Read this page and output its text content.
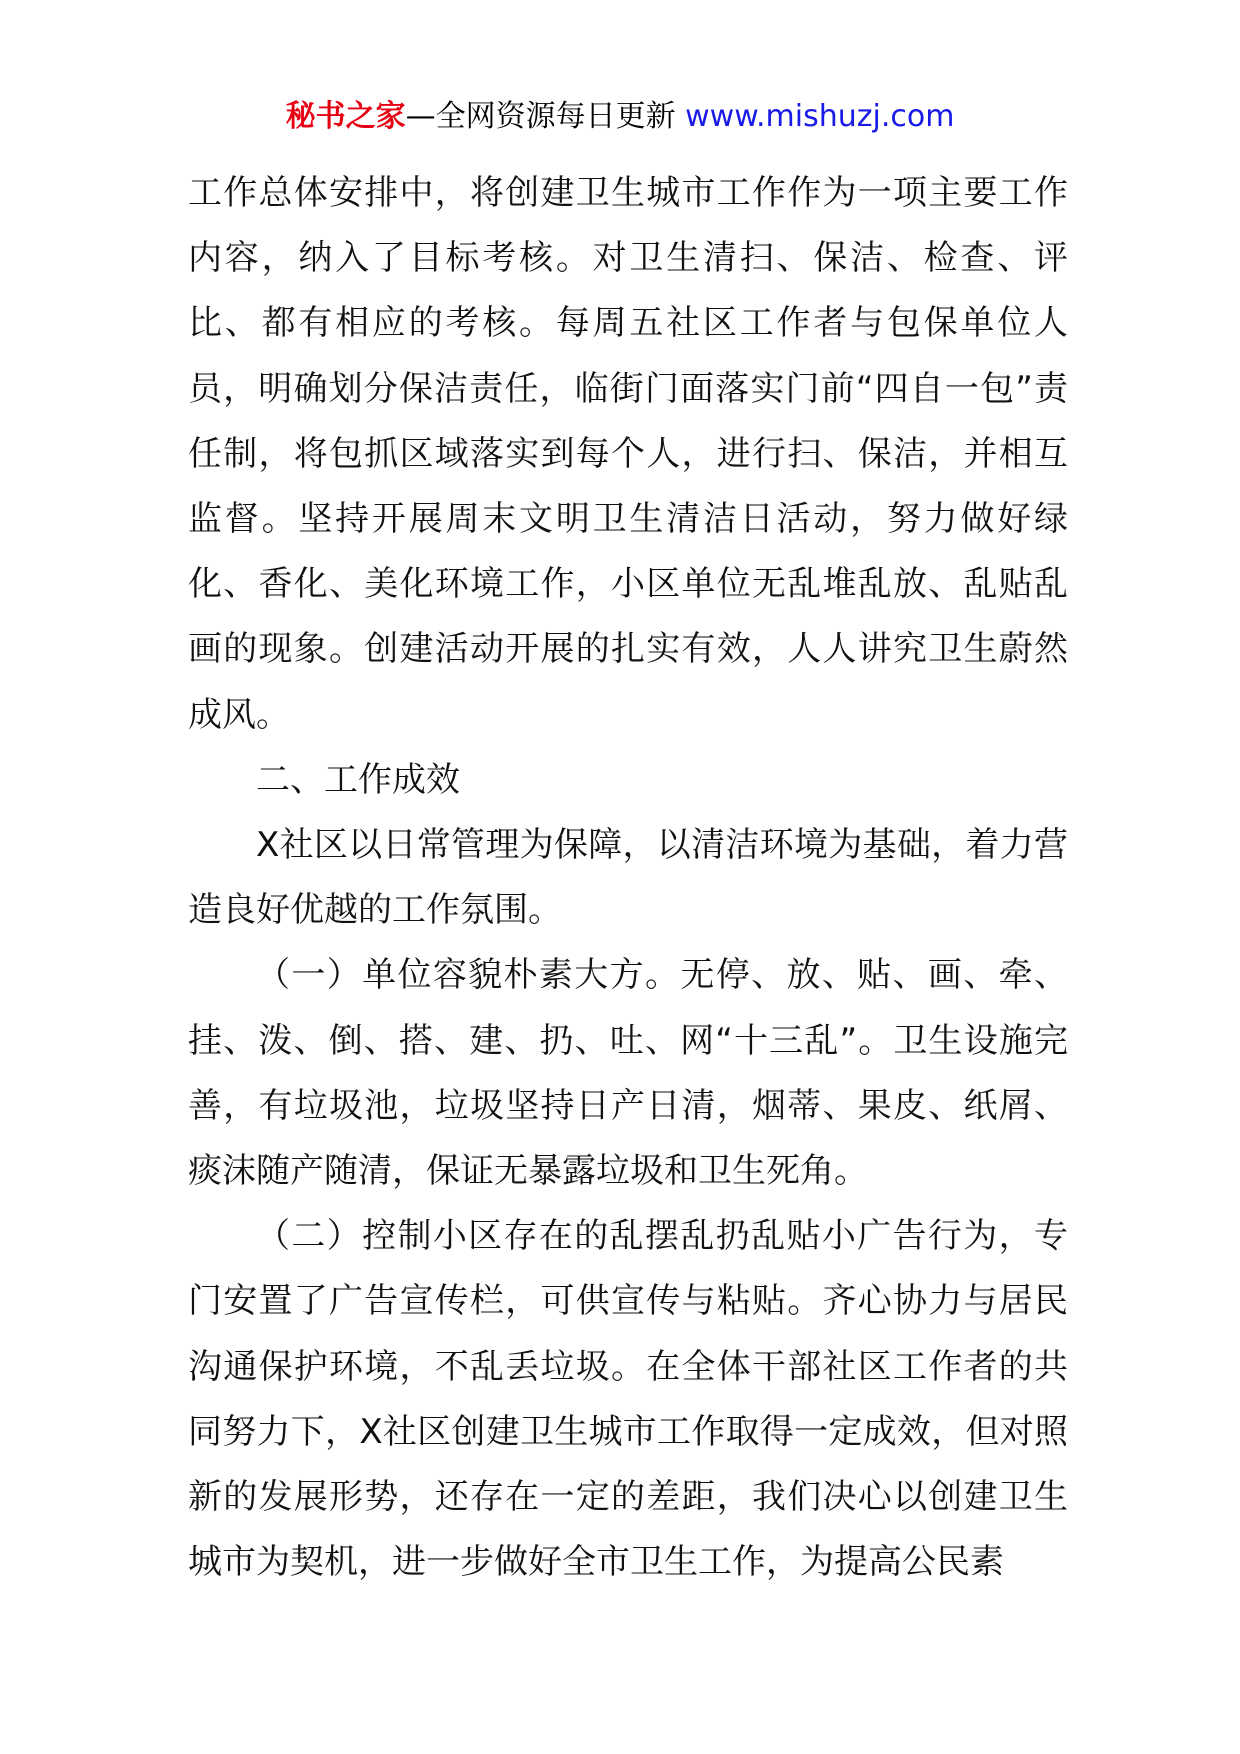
秘书之家—全网资源每日更新 www.mishuzj.com

工作总体安排中，将创建卫生城市工作作为一项主要工作内容，纳入了目标考核。对卫生清扫、保洁、检查、评比、都有相应的考核。每周五社区工作者与包保单位人员，明确划分保洁责任，临街门面落实门前“四自一包”责任制，将包抓区域落实到每个人，进行扫、保洁，并相互监督。坚持开展周末文明卫生清洁日活动，努力做好绿化、香化、美化环境工作，小区单位无乱堆乱放、乱贴乱画的现象。创建活动开展的扎实有效，人人讲究卫生蔚然成风。

二、工作成效

X社区以日常管理为保障，以清洁环境为基础，着力营造良好优越的工作氛围。

（一）单位容貌朴素大方。无停、放、贴、画、牵、挂、泼、倒、搭、建、扔、吐、网“十三乱”。卫生设施完善，有垃圾池，垃圾坚持日产日清，烟蒂、果皮、纸屑、痰沫随产随清，保证无暴露垃圾和卫生死角。

（二）控制小区存在的乱摆乱扔乱贴小广告行为，专门安置了广告宣传栏，可供宣传与粘贴。齐心协力与居民沟通保护环境，不乱丢垃圾。在全体干部社区工作者的共同努力下，X社区创建卫生城市工作取得一定成效，但对照新的发展形势，还存在一定的差距，我们决心以创建卫生城市为契机，进一步做好全市卫生工作，为提高公民素
